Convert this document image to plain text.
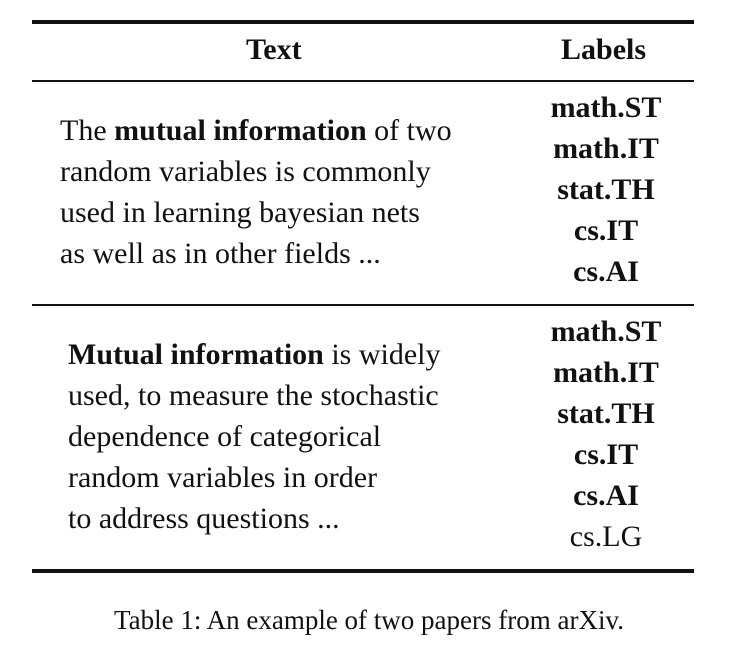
Text	Labels
The mutual information of two
random variables is commonly
used in learning bayesian nets
as well as in other fields ...
math.ST
math.IT
stat.TH
cs.IT
cs.AI
Mutual information is widely
used, to measure the stochastic
dependence of categorical
random variables in order
to address questions ...
math.ST
math.IT
stat.TH
cs.IT
cs.AI
cs.LG
Table 1: An example of two papers from arXiv.
